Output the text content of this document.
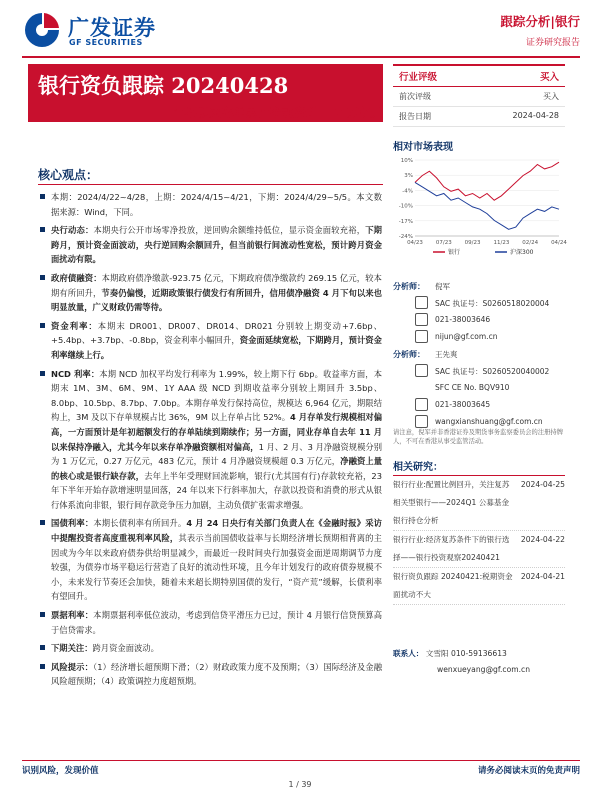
广发证券
GF SECURITIES
跟踪分析|银行
证券研究报告
银行资负跟踪 20240428
年初以来存单累计净融资近 1.7 万亿元
行业评级	买入
前次评级	买入
报告日期	2024-04-28
核心观点：

本期：2024/4/22~4/28，上期：2024/4/15~4/21，下期：2024/4/29~5/5。本文数据来源：Wind，下同。

央行动态：本期央行公开市场零净投放，逆回购余额维持低位，显示资金面较充裕，下期跨月，预计资金面波动，央行逆回购余额回升，但当前银行间流动性宽松，预计跨月资金面扰动有限。

政府债融资：本期政府债净缴款-923.75 亿元，下期政府债净缴款约 269.15 亿元，较本期有所回升，节奏仍偏慢，近期政策银行债发行有所回升，信用债净融资 4 月下旬以来也明显放量，广义财政仍需等待。

资金利率：本期末 DR001、DR007、DR014、DR021 分别较上期变动+7.6bp、+5.4bp、+3.7bp、-0.8bp，资金利率小幅回升，资金面延续宽松，下期跨月，预计资金利率继续上行。

NCD 利率：本期 NCD 加权平均发行利率为 1.99%，较上期下行 6bp。收益率方面，本期末 1M、3M、6M、9M、1Y AAA 级 NCD 到期收益率分别较上期回升 3.5bp、8.0bp、10.5bp、8.7bp、7.0bp。本期存单发行保持高位，规模达 6,964 亿元，期限结构上，3M 及以下存单规模占比 36%，9M 以上存单占比 52%。4 月存单发行规模相对偏高，一方面预计是年初超额发行的存单陆续到期续作；另一方面，同业存单自去年 11 月以来保持净融入，尤其今年以来存单净融资额相对偏高，1 月、2 月、3 月净融资规模分别为 1 万亿元，0.27 万亿元，483 亿元，预计 4 月净融资规模超 0.3 万亿元，净融资上量的核心或是银行缺存款，去年上半年受理财回流影响，银行(尤其国有行)存款较充裕，23 年下半年开始存款增速明显回落，24 年以来下行斜率加大，存款以投资和消费的形式从银行体系流向非银，银行间存款竞争压力加剧，主动负债扩张需求增强。

国债利率：本期长债利率有所回升。4 月 24 日央行有关部门负责人在《金融时报》采访中提醒投资者高度重视利率风险，其表示当前国债收益率与长期经济增长预期相背离的主因或为今年以来政府债券供给明显减少，而最近一段时间央行加强资金面逆周期调节力度较强，为债券市场平稳运行营造了良好的流动性环境，且今年计划发行的政府债券规模不小，未来发行节奏还会加快，随着未来超长期特别国债的发行，“资产荒”缓解，长债利率有望回升。

票据利率：本期票据利率低位波动，考虑到信贷平滑压力已过，预计 4 月银行信贷预算高于信贷需求。

下期关注：跨月资金面波动。

风险提示：（1）经济增长超预期下滑；（2）财政政策力度不及预期；（3）国际经济及金融风险超预期；（4）政策调控力度超预期。

相对市场表现
10%
3%
-4%
-10%
-17%
-24%
04/23 07/23 09/23 11/23 02/24 04/24
银行	沪深300
分析师： 倪军
SAC 执证号：S0260518020004
021-38003646
nijun@gf.com.cn
分析师： 王先爽
SAC 执证号：S0260520040002
SFC CE No. BQV910
021-38003645
wangxianshuang@gf.com.cn
请注意，倪军并非香港证券及期货事务监察委员会的注册持牌人，不可在香港从事受监管活动。
相关研究：
银行行业:配置比例回升，关注复苏相关型银行——2024Q1 公募基金银行持仓分析
2024-04-25
银行行业:经济复苏条件下的银行选择——银行投资观察20240421
2024-04-22
银行资负跟踪 20240421:税期资金面扰动不大
2024-04-21
联系人： 文雪阳 010-59136613
wenxueyang@gf.com.cn
识别风险，发现价值	请务必阅读末页的免责声明
1 / 39
